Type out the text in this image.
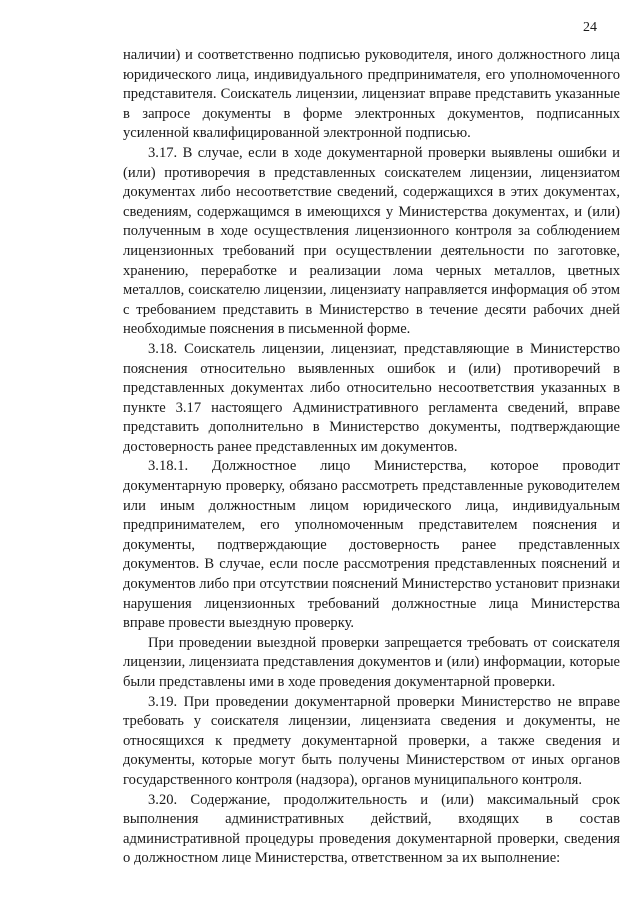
24

наличии) и соответственно подписью руководителя, иного должностного лица юридического лица, индивидуального предпринимателя, его уполномоченного представителя. Соискатель лицензии, лицензиат вправе представить указанные в запросе документы в форме электронных документов, подписанных усиленной квалифицированной электронной подписью.

3.17. В случае, если в ходе документарной проверки выявлены ошибки и (или) противоречия в представленных соискателем лицензии, лицензиатом документах либо несоответствие сведений, содержащихся в этих документах, сведениям, содержащимся в имеющихся у Министерства документах, и (или) полученным в ходе осуществления лицензионного контроля за соблюдением лицензионных требований при осуществлении деятельности по заготовке, хранению, переработке и реализации лома черных металлов, цветных металлов, соискателю лицензии, лицензиату направляется информация об этом с требованием представить в Министерство в течение десяти рабочих дней необходимые пояснения в письменной форме.

3.18. Соискатель лицензии, лицензиат, представляющие в Министерство пояснения относительно выявленных ошибок и (или) противоречий в представленных документах либо относительно несоответствия указанных в пункте 3.17 настоящего Административного регламента сведений, вправе представить дополнительно в Министерство документы, подтверждающие достоверность ранее представленных им документов.

3.18.1. Должностное лицо Министерства, которое проводит документарную проверку, обязано рассмотреть представленные руководителем или иным должностным лицом юридического лица, индивидуальным предпринимателем, его уполномоченным представителем пояснения и документы, подтверждающие достоверность ранее представленных документов. В случае, если после рассмотрения представленных пояснений и документов либо при отсутствии пояснений Министерство установит признаки нарушения лицензионных требований должностные лица Министерства вправе провести выездную проверку.

При проведении выездной проверки запрещается требовать от соискателя лицензии, лицензиата представления документов и (или) информации, которые были представлены ими в ходе проведения документарной проверки.

3.19. При проведении документарной проверки Министерство не вправе требовать у соискателя лицензии, лицензиата сведения и документы, не относящихся к предмету документарной проверки, а также сведения и документы, которые могут быть получены Министерством от иных органов государственного контроля (надзора), органов муниципального контроля.

3.20. Содержание, продолжительность и (или) максимальный срок выполнения административных действий, входящих в состав административной процедуры проведения документарной проверки, сведения о должностном лице Министерства, ответственном за их выполнение:
